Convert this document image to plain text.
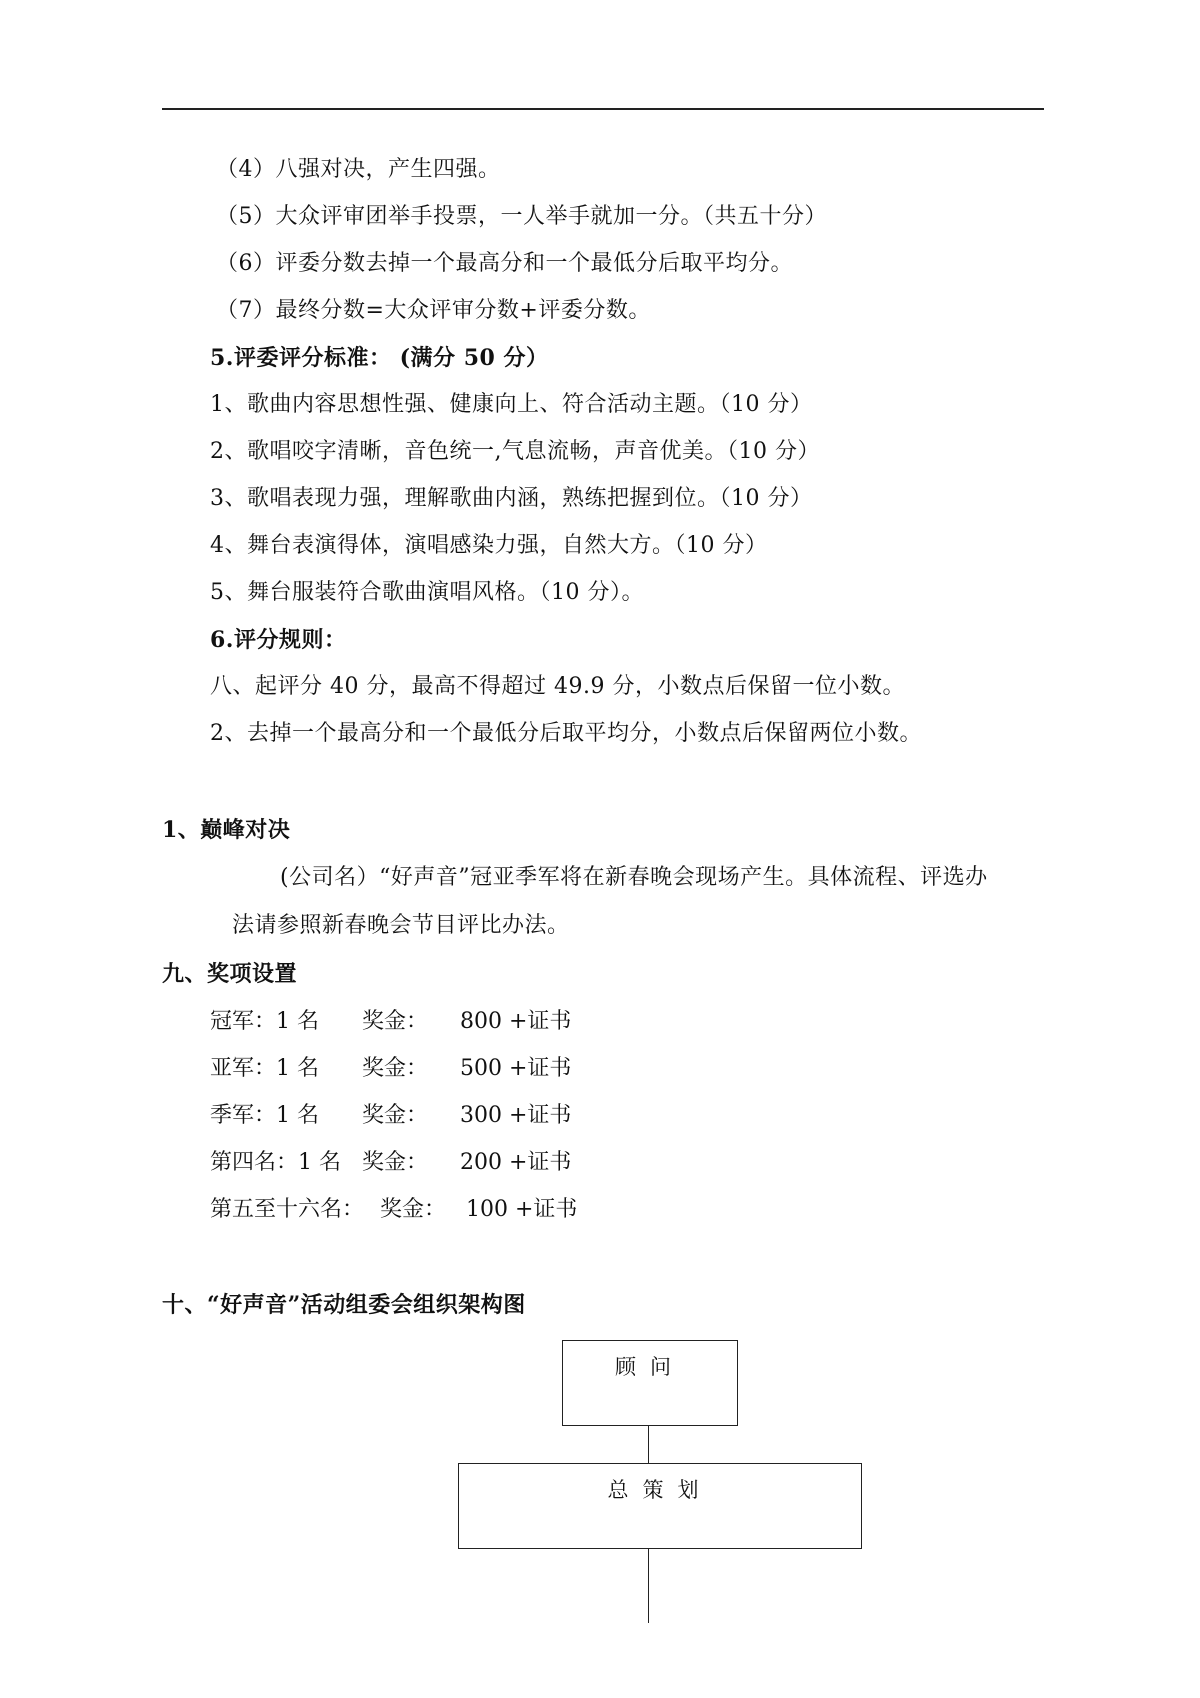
（4）八强对决，产生四强。
（5）大众评审团举手投票，一人举手就加一分。（共五十分）
（6）评委分数去掉一个最高分和一个最低分后取平均分。
（7）最终分数=大众评审分数+评委分数。
5.评委评分标准： (满分 50 分）
1、歌曲内容思想性强、健康向上、符合活动主题。（10 分）
2、歌唱咬字清晰，音色统一,气息流畅，声音优美。（10 分）
3、歌唱表现力强，理解歌曲内涵，熟练把握到位。（10 分）
4、舞台表演得体，演唱感染力强，自然大方。（10 分）
5、舞台服装符合歌曲演唱风格。（10 分）。
6.评分规则：
八、起评分 40 分，最高不得超过 49.9 分，小数点后保留一位小数。
2、去掉一个最高分和一个最低分后取平均分，小数点后保留两位小数。
1、巅峰对决
(公司名）“好声音”冠亚季军将在新春晚会现场产生。具体流程、评选办
法请参照新春晚会节目评比办法。
九、奖项设置
冠军：1 名 奖金： 800 +证书
亚军：1 名 奖金： 500 +证书
季军：1 名 奖金： 300 +证书
第四名：1 名 奖金： 200 +证书
第五至十六名： 奖金： 100 +证书
十、“好声音”活动组委会组织架构图
顾问
总策划
